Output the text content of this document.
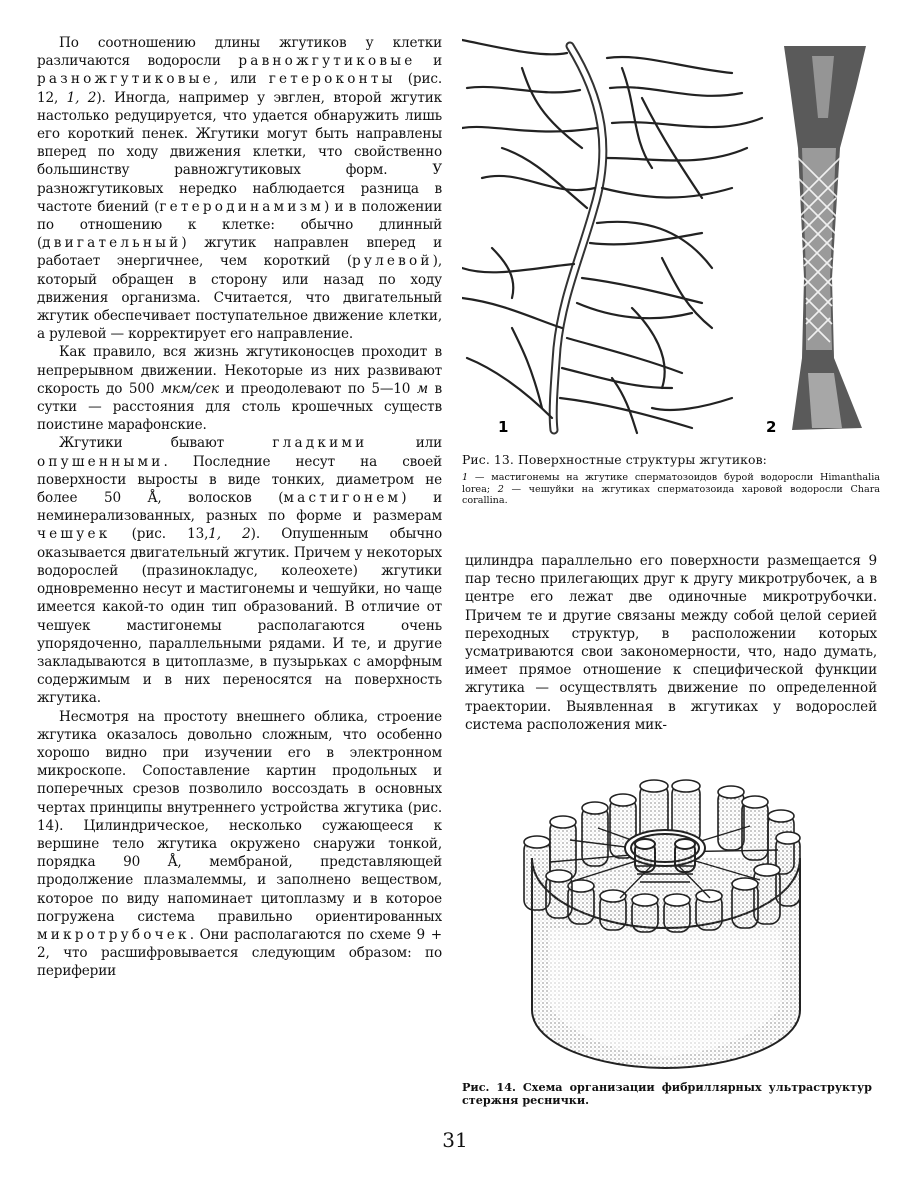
По соотношению длины жгутиков у клетки различаются водоросли равножгутиковые и разножгутиковые, или гетероконты (рис. 12, 1, 2). Иногда, например у эвглен, второй жгутик настолько редуцируется, что удается обнаружить лишь его короткий пенек. Жгутики могут быть направлены вперед по ходу движения клетки, что свойственно большинству равножгутиковых форм. У разножгутиковых нередко наблюдается разница в частоте биений (гетеродинамизм) и в положении по отношению к клетке: обычно длинный (двигательный) жгутик направлен вперед и работает энергичнее, чем короткий (рулевой), который обращен в сторону или назад по ходу движения организма. Считается, что двигательный жгутик обеспечивает поступательное движение клетки, а рулевой — корректирует его направление.

Как правило, вся жизнь жгутиконосцев проходит в непрерывном движении. Некоторые из них развивают скорость до 500 мкм/сек и преодолевают по 5—10 м в сутки — расстояния для столь крошечных существ поистине марафонские.

Жгутики бывают гладкими или опушенными. Последние несут на своей поверхности выросты в виде тонких, диаметром не более 50 Å, волосков (мастигонем) и неминерализованных, разных по форме и размерам чешуек (рис. 13,1, 2). Опушенным обычно оказывается двигательный жгутик. Причем у некоторых водорослей (празинокладус, колеохете) жгутики одновременно несут и мастигонемы и чешуйки, но чаще имеется какой-то один тип образований. В отличие от чешуек мастигонемы располагаются очень упорядоченно, параллельными рядами. И те, и другие закладываются в цитоплазме, в пузырьках с аморфным содержимым и в них переносятся на поверхность жгутика.

Несмотря на простоту внешнего облика, строение жгутика оказалось довольно сложным, что особенно хорошо видно при изучении его в электронном микроскопе. Сопоставление картин продольных и поперечных срезов позволило воссоздать в основных чертах принципы внутреннего устройства жгутика (рис. 14). Цилиндрическое, несколько сужающееся к вершине тело жгутика окружено снаружи тонкой, порядка 90 Å, мембраной, представляющей продолжение плазмалеммы, и заполнено веществом, которое по виду напоминает цитоплазму и в которое погружена система правильно ориентированных микротрубочек. Они располагаются по схеме 9 + 2, что расшифровывается следующим образом: по периферии

1	2
Рис. 13. Поверхностные структуры жгутиков:
1 — мастигонемы на жгутике сперматозоидов бурой водоросли Himanthalia lorea; 2 — чешуйки на жгутиках сперматозоида харовой водоросли Chara corallina.

цилиндра параллельно его поверхности размещается 9 пар тесно прилегающих друг к другу микротрубочек, а в центре его лежат две одиночные микротрубочки. Причем те и другие связаны между собой целой серией переходных структур, в расположении которых усматриваются свои закономерности, что, надо думать, имеет прямое отношение к специфической функции жгутика — осуществлять движение по определенной траектории. Выявленная в жгутиках у водорослей система расположения мик-

Рис. 14. Схема организации фибриллярных ультраструктур стержня реснички.
31
